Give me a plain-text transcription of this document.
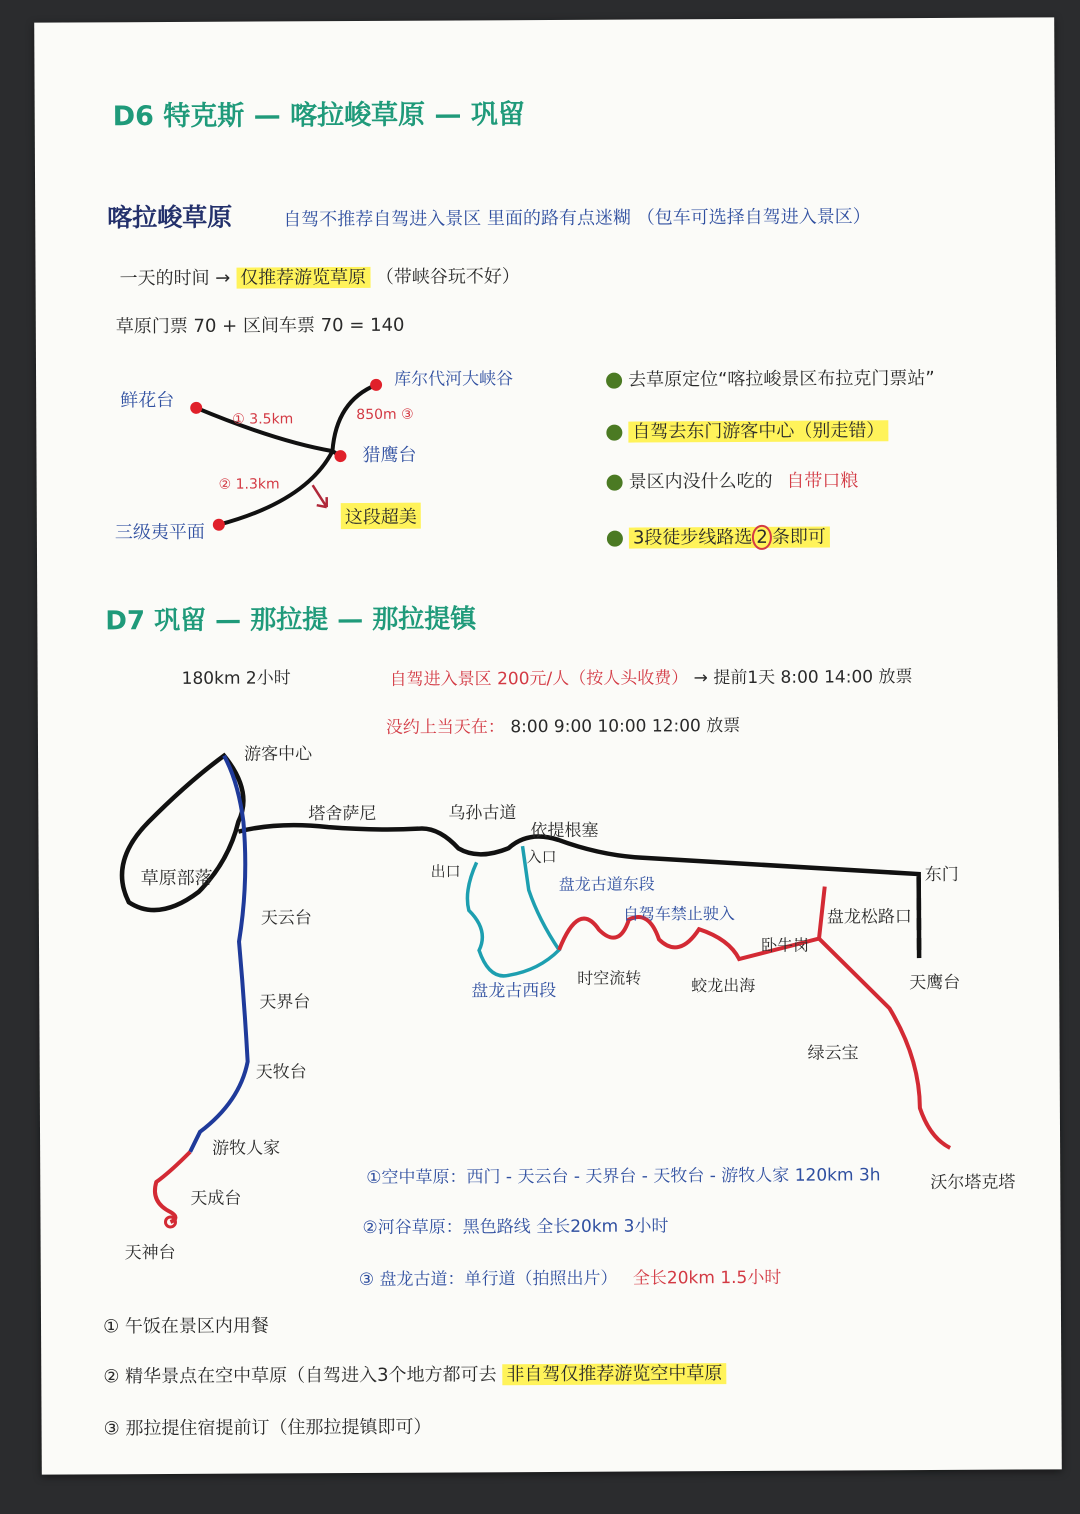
D6 特克斯 — 喀拉峻草原 — 巩留
喀拉峻草原	自驾不推荐自驾进入景区 里面的路有点迷糊 （包车可选择自驾进入景区）
一天的时间 → 仅推荐游览草原 （带峡谷玩不好）
草原门票 70 + 区间车票 70 = 140
鲜花台
库尔代河大峡谷
猎鹰台
三级夷平面
① 3.5km
② 1.3km
850m ③
这段超美
去草原定位“喀拉峻景区布拉克门票站”
自驾去东门游客中心（别走错）
景区内没什么吃的 自带口粮
3段徒步线路选 2 条即可
D7 巩留 — 那拉提 — 那拉提镇
180km 2小时	自驾进入景区 200元/人（按人头收费） → 提前1天 8:00 14:00 放票
没约上当天在： 8:00 9:00 10:00 12:00 放票
游客中心
草原部落
塔舍萨尼	乌孙古道
依提根塞
出口
入口
盘龙古道东段
自驾车禁止驶入
东门
盘龙松路口
天云台
天界台
天牧台
游牧人家
天成台
天神台
盘龙古西段
时空流转	蛟龙出海
卧牛岗
天鹰台
绿云宝
沃尔塔克塔
①空中草原：西门 - 天云台 - 天界台 - 天牧台 - 游牧人家 120km 3h
②河谷草原：黑色路线 全长20km 3小时
③ 盘龙古道：单行道（拍照出片） 全长20km 1.5小时
① 午饭在景区内用餐
② 精华景点在空中草原（自驾进入3个地方都可去 非自驾仅推荐游览空中草原
③ 那拉提住宿提前订（住那拉提镇即可）
